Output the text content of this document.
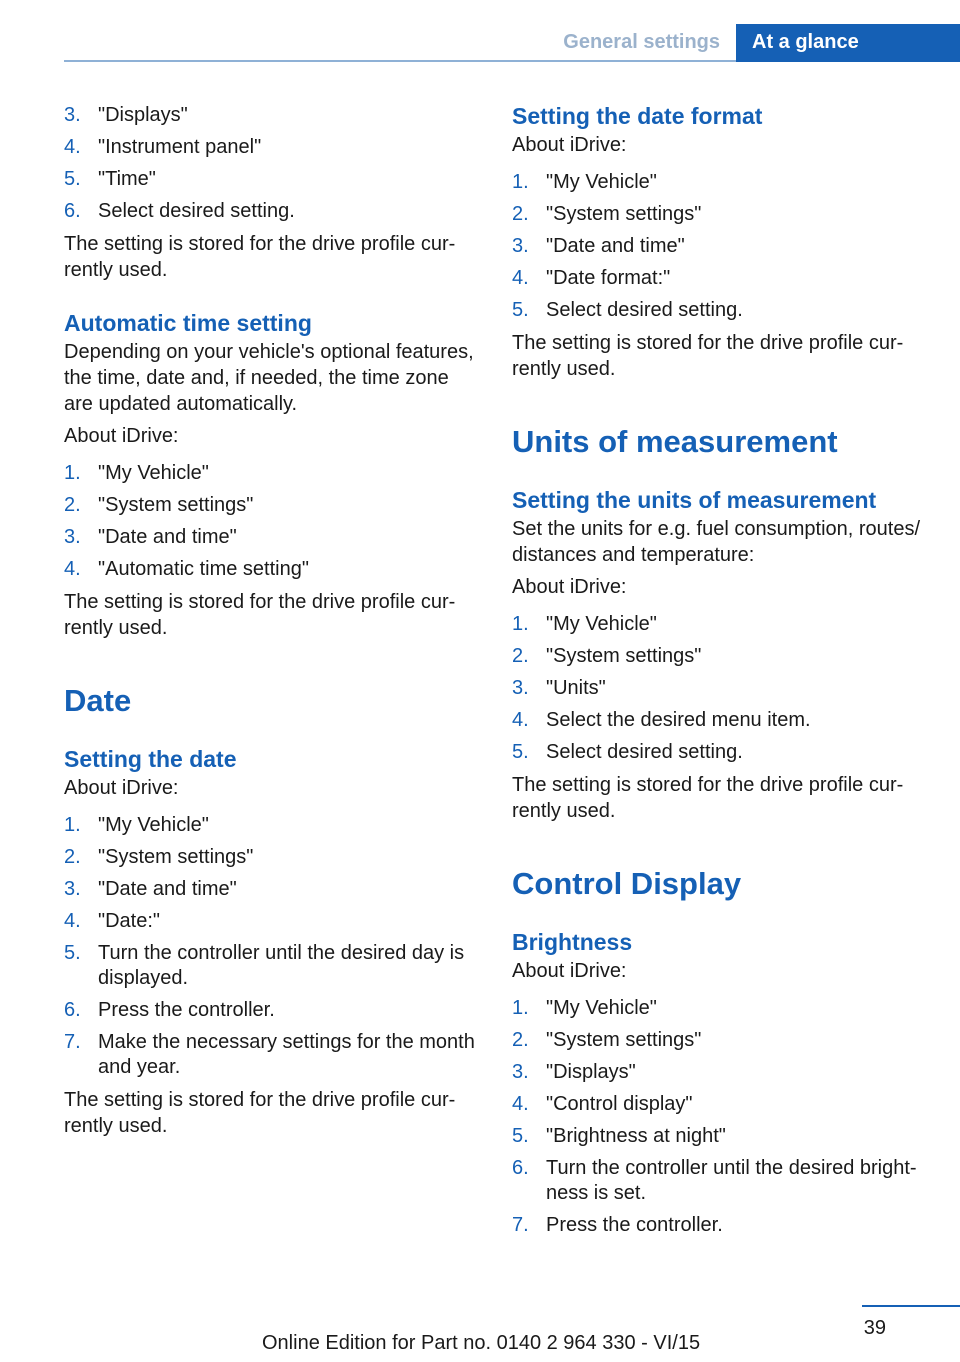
General settings	At a glance
3. "Displays"
4. "Instrument panel"
5. "Time"
6. Select desired setting.

The setting is stored for the drive profile cur-rently used.

Automatic time setting

Depending on your vehicle's optional features, the time, date and, if needed, the time zone are updated automatically.

About iDrive:

1. "My Vehicle"
2. "System settings"
3. "Date and time"
4. "Automatic time setting"

The setting is stored for the drive profile cur-rently used.

Date
Setting the date

About iDrive:

1. "My Vehicle"
2. "System settings"
3. "Date and time"
4. "Date:"
5. Turn the controller until the desired day is displayed.
6. Press the controller.
7. Make the necessary settings for the month and year.

The setting is stored for the drive profile cur-rently used.

Setting the date format

About iDrive:

1. "My Vehicle"
2. "System settings"
3. "Date and time"
4. "Date format:"
5. Select desired setting.

The setting is stored for the drive profile cur-rently used.

Units of measurement
Setting the units of measurement

Set the units for e.g. fuel consumption, routes/ distances and temperature:

About iDrive:

1. "My Vehicle"
2. "System settings"
3. "Units"
4. Select the desired menu item.
5. Select desired setting.

The setting is stored for the drive profile cur-rently used.

Control Display
Brightness

About iDrive:

1. "My Vehicle"
2. "System settings"
3. "Displays"
4. "Control display"
5. "Brightness at night"
6. Turn the controller until the desired bright-ness is set.
7. Press the controller.
39
Online Edition for Part no. 0140 2 964 330 - VI/15
